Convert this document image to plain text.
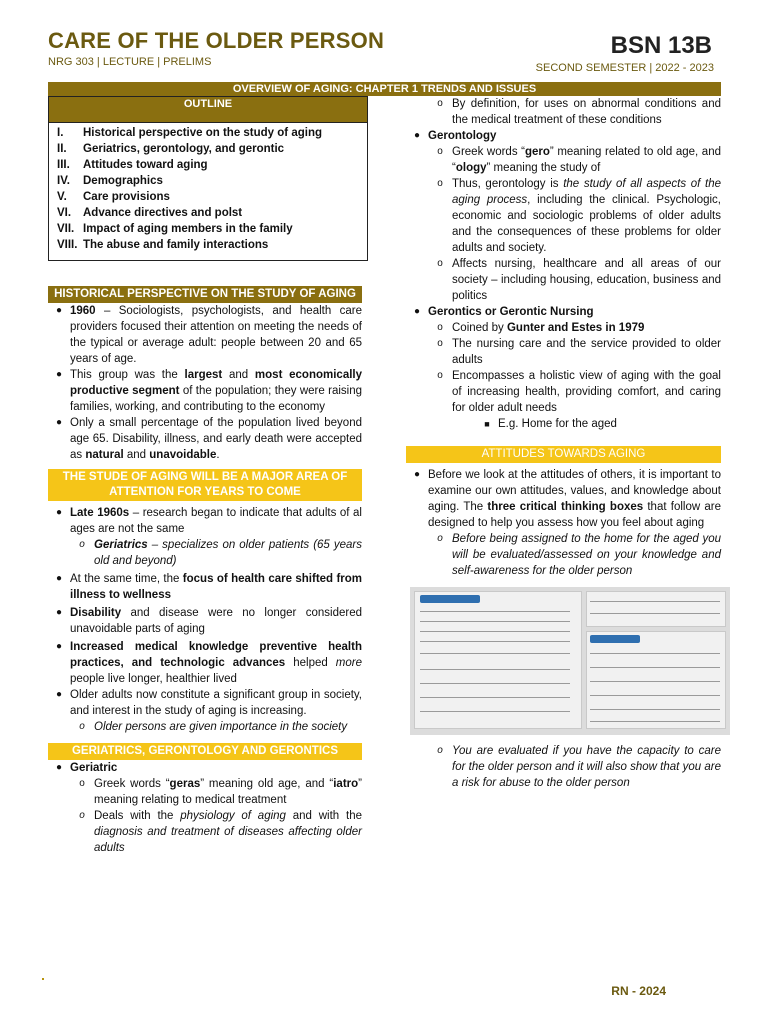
CARE OF THE OLDER PERSON
NRG 303 | LECTURE | PRELIMS
BSN 13B
SECOND SEMESTER | 2022 - 2023
OVERVIEW OF AGING: CHAPTER 1 TRENDS AND ISSUES
OUTLINE
I.	Historical perspective on the study of aging
II.	Geriatrics, gerontology, and gerontic
III.	Attitudes toward aging
IV.	Demographics
V.	Care provisions
VI.	Advance directives and polst
VII. Impact of aging members in the family
VIII. The abuse and family interactions
HISTORICAL PERSPECTIVE ON THE STUDY OF AGING
● 1960 – Sociologists, psychologists, and health care providers focused their attention on meeting the needs of the typical or average adult: people between 20 and 65 years of age.
● This group was the largest and most economically productive segment of the population; they were raising families, working, and contributing to the economy
● Only a small percentage of the population lived beyond age 65. Disability, illness, and early death were accepted as natural and unavoidable.
THE STUDE OF AGING WILL BE A MAJOR AREA OF ATTENTION FOR YEARS TO COME
● Late 1960s – research began to indicate that adults of al ages are not the same
o Geriatrics – specializes on older patients (65 years old and beyond)
● At the same time, the focus of health care shifted from illness to wellness
● Disability and disease were no longer considered unavoidable parts of aging
● Increased medical knowledge preventive health practices, and technologic advances helped more people live longer, healthier lived
● Older adults now constitute a significant group in society, and interest in the study of aging is increasing.
o Older persons are given importance in the society
GERIATRICS, GERONTOLOGY AND GERONTICS
● Geriatric
o Greek words “geras” meaning old age, and “iatro” meaning relating to medical treatment
o Deals with the physiology of aging and with the diagnosis and treatment of diseases affecting older adults
o By definition, for uses on abnormal conditions and the medical treatment of these conditions
● Gerontology
o Greek words “gero” meaning related to old age, and “ology” meaning the study of
o Thus, gerontology is the study of all aspects of the aging process, including the clinical. Psychologic, economic and sociologic problems of older adults and the consequences of these problems for older adults and society.
o Affects nursing, healthcare and all areas of our society – including housing, education, business and politics
● Gerontics or Gerontic Nursing
o Coined by Gunter and Estes in 1979
o The nursing care and the service provided to older adults
o Encompasses a holistic view of aging with the goal of increasing health, providing comfort, and caring for older adult needs
■ E.g. Home for the aged
ATTITUDES TOWARDS AGING
● Before we look at the attitudes of others, it is important to examine our own attitudes, values, and knowledge about aging. The three critical thinking boxes that follow are designed to help you assess how you feel about aging
o Before being assigned to the home for the aged you will be evaluated/assessed on your knowledge and self-awareness for the older person
o You are evaluated if you have the capacity to care for the older person and it will also show that you are a risk for abuse to the older person
RN - 2024
